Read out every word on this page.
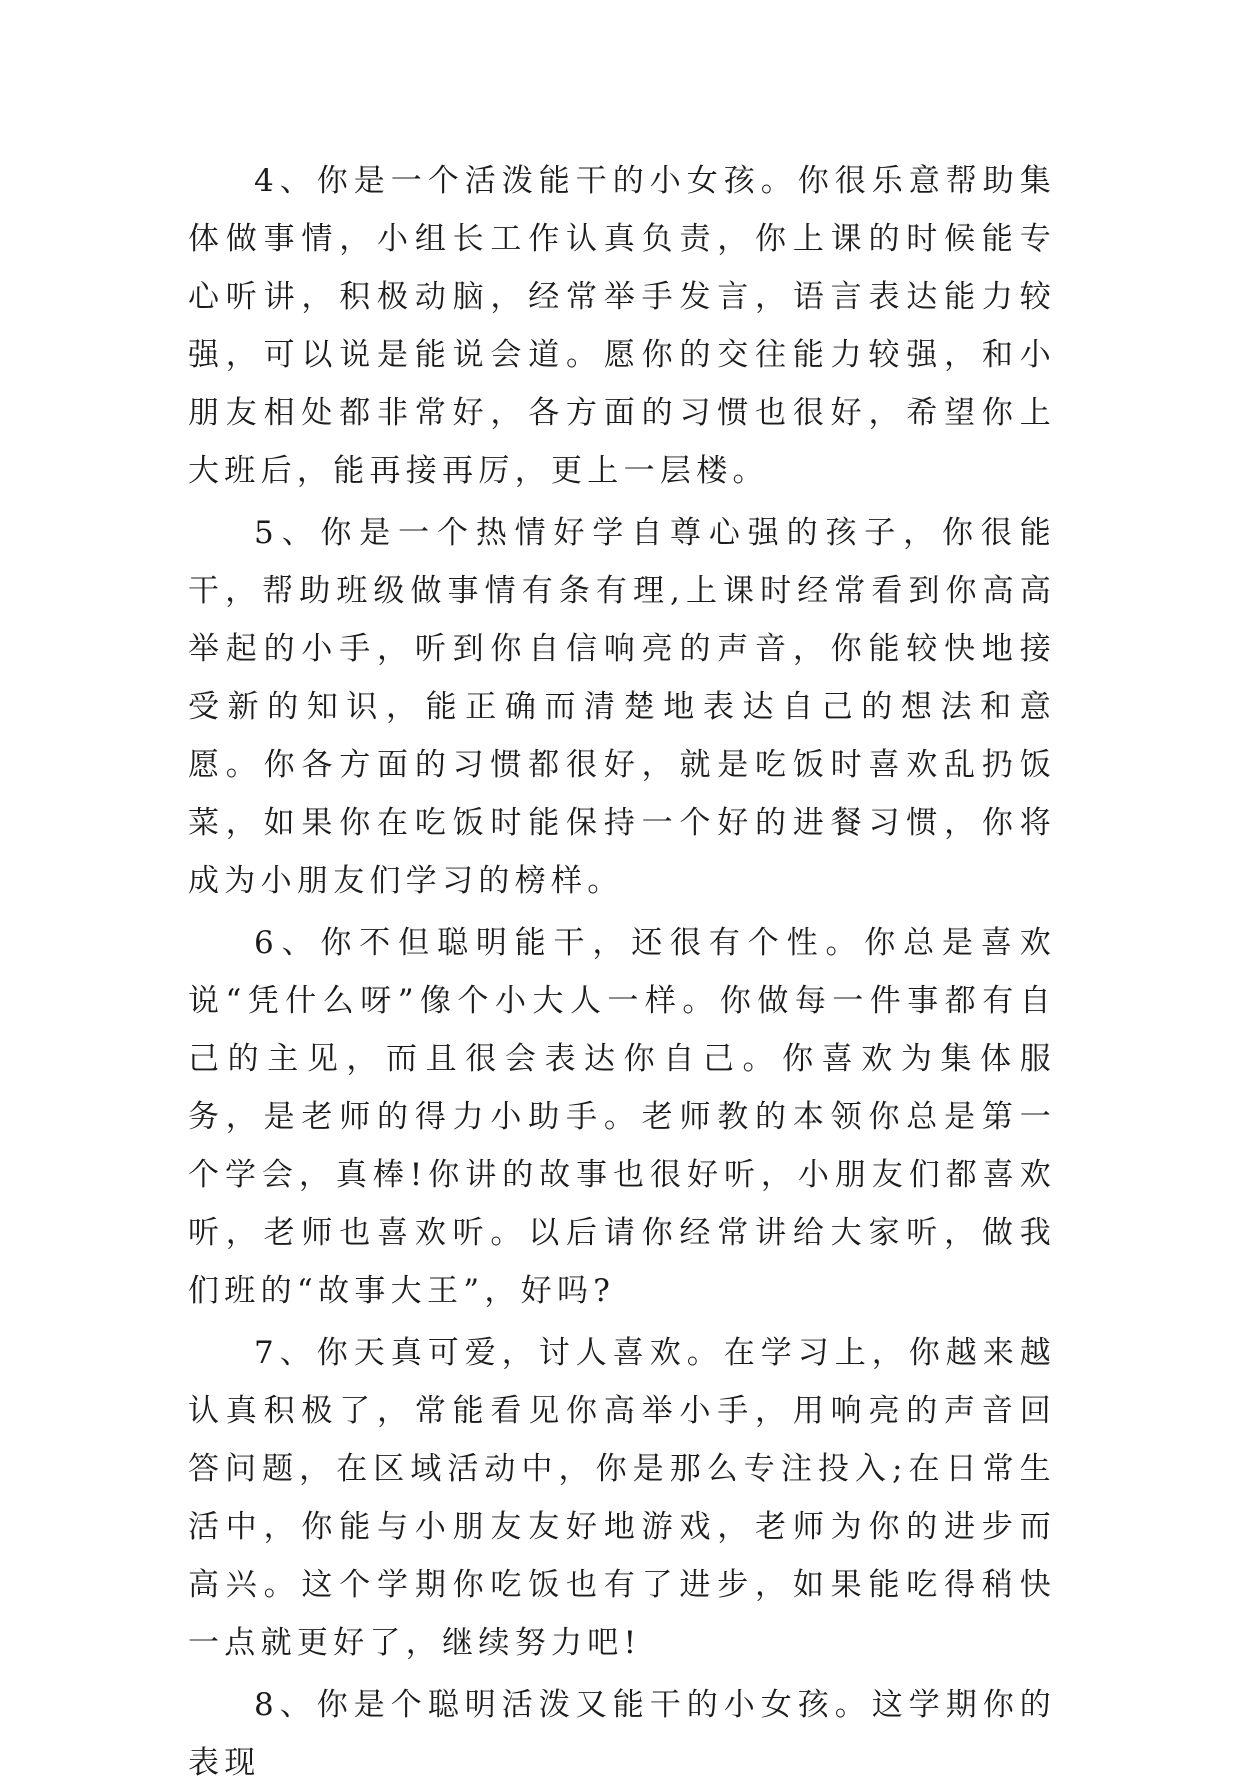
4、你是一个活泼能干的小女孩。你很乐意帮助集体做事情，小组长工作认真负责，你上课的时候能专心听讲，积极动脑，经常举手发言，语言表达能力较强，可以说是能说会道。愿你的交往能力较强，和小朋友相处都非常好，各方面的习惯也很好，希望你上大班后，能再接再厉，更上一层楼。

5、你是一个热情好学自尊心强的孩子，你很能干，帮助班级做事情有条有理,上课时经常看到你高高举起的小手，听到你自信响亮的声音，你能较快地接受新的知识，能正确而清楚地表达自己的想法和意愿。你各方面的习惯都很好，就是吃饭时喜欢乱扔饭菜，如果你在吃饭时能保持一个好的进餐习惯，你将成为小朋友们学习的榜样。

6、你不但聪明能干，还很有个性。你总是喜欢说“凭什么呀”像个小大人一样。你做每一件事都有自己的主见，而且很会表达你自己。你喜欢为集体服务，是老师的得力小助手。老师教的本领你总是第一个学会，真棒!你讲的故事也很好听，小朋友们都喜欢听，老师也喜欢听。以后请你经常讲给大家听，做我们班的“故事大王”，好吗?

7、你天真可爱，讨人喜欢。在学习上，你越来越认真积极了，常能看见你高举小手，用响亮的声音回答问题，在区域活动中，你是那么专注投入;在日常生活中，你能与小朋友友好地游戏，老师为你的进步而高兴。这个学期你吃饭也有了进步，如果能吃得稍快一点就更好了，继续努力吧!

8、你是个聪明活泼又能干的小女孩。这学期你的表现
